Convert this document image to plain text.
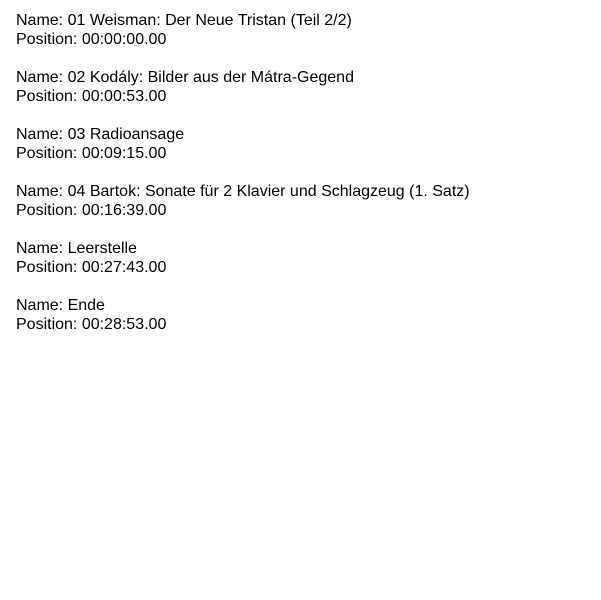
Name: 01 Weisman: Der Neue Tristan (Teil 2/2)
Position: 00:00:00.00
Name: 02 Kodály: Bilder aus der Mátra-Gegend
Position: 00:00:53.00
Name: 03 Radioansage
Position: 00:09:15.00
Name: 04 Bartok: Sonate für 2 Klavier und Schlagzeug (1. Satz)
Position: 00:16:39.00
Name: Leerstelle
Position: 00:27:43.00
Name: Ende
Position: 00:28:53.00
